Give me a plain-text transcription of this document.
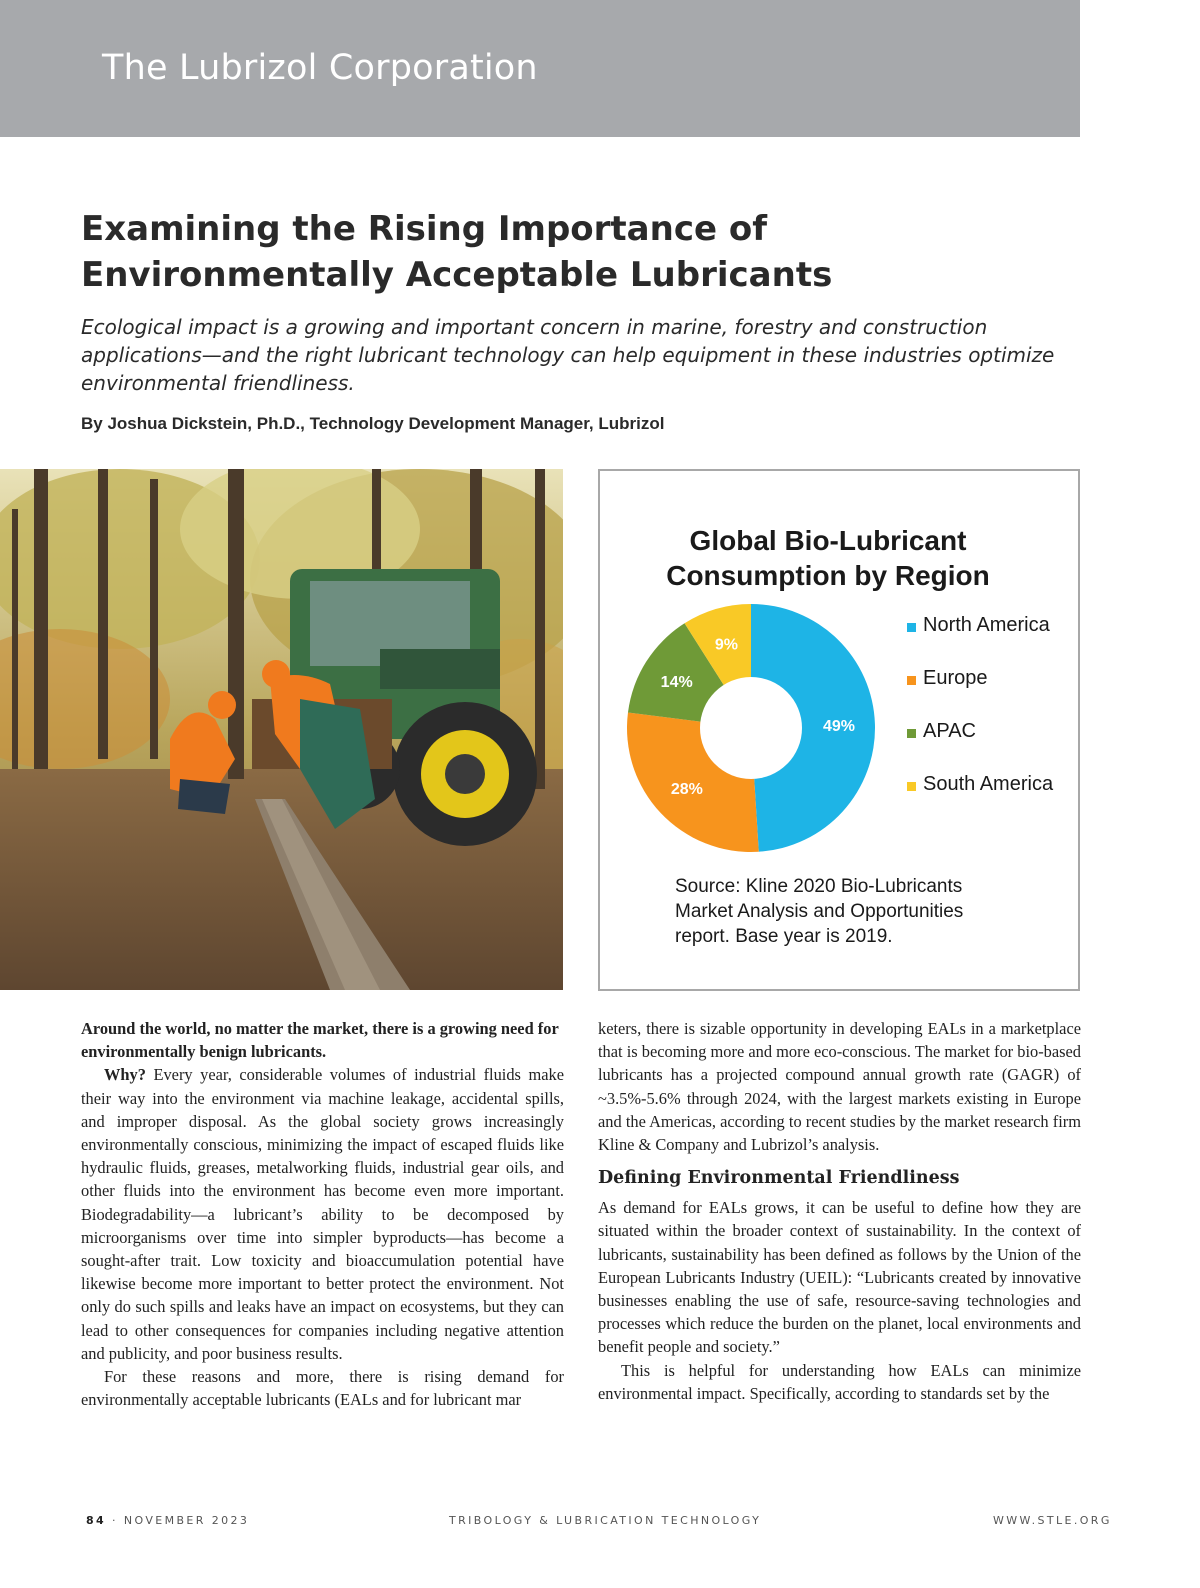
The Lubrizol Corporation
Examining the Rising Importance of Environmentally Acceptable Lubricants

Ecological impact is a growing and important concern in marine, forestry and construction applications—and the right lubricant technology can help equipment in these industries optimize environmental friendliness.

By Joshua Dickstein, Ph.D., Technology Development Manager, Lubrizol

49%
28%
14%
9%
Global Bio-Lubricant Consumption by Region
North America
Europe
APAC
South America
Source: Kline 2020 Bio-Lubricants Market Analysis and Opportunities report. Base year is 2019.

Around the world, no matter the market, there is a growing need for environmentally benign lubricants.

Why? Every year, considerable volumes of industrial fluids make their way into the environment via machine leakage, accidental spills, and improper disposal. As the global society grows increasingly environmentally conscious, minimizing the impact of escaped fluids like hydraulic fluids, greases, metalworking fluids, industrial gear oils, and other fluids into the environment has become even more important. Biodegradability—a lubricant’s ability to be decomposed by microorganisms over time into simpler byproducts—has become a sought-after trait. Low toxicity and bioaccumulation potential have likewise become more important to better protect the environment. Not only do such spills and leaks have an impact on ecosystems, but they can lead to other consequences for companies including negative attention and publicity, and poor business results.

For these reasons and more, there is rising demand for environmentally acceptable lubricants (EALs and for lubricant mar

keters, there is sizable opportunity in developing EALs in a marketplace that is becoming more and more eco-conscious. The market for bio-based lubricants has a projected compound annual growth rate (GAGR) of ~3.5%-5.6% through 2024, with the largest markets existing in Europe and the Americas, according to recent studies by the market research firm Kline & Company and Lubrizol’s analysis.

Defining Environmental Friendliness

As demand for EALs grows, it can be useful to define how they are situated within the broader context of sustainability. In the context of lubricants, sustainability has been defined as follows by the Union of the European Lubricants Industry (UEIL): “Lubricants created by innovative businesses enabling the use of safe, resource-saving technologies and processes which reduce the burden on the planet, local environments and benefit people and society.”

This is helpful for understanding how EALs can minimize environmental impact. Specifically, according to standards set by the

84 · NOVEMBER 2023	TRIBOLOGY & LUBRICATION TECHNOLOGY	WWW.STLE.ORG
